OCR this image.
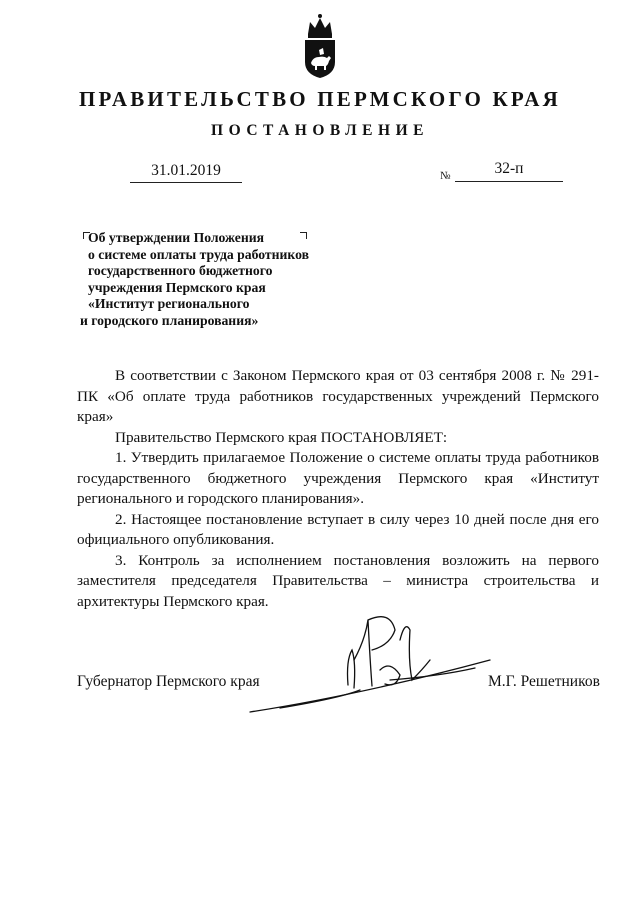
ПРАВИТЕЛЬСТВО ПЕРМСКОГО КРАЯ
ПОСТАНОВЛЕНИЕ
31.01.2019	№	32-п
Об утверждении Положения
о системе оплаты труда работников
государственного бюджетного
учреждения Пермского края
«Институт регионального
и городского планирования»

В соответствии с Законом Пермского края от 03 сентября 2008 г. № 291-ПК «Об оплате труда работников государственных учреждений Пермского края»

Правительство Пермского края ПОСТАНОВЛЯЕТ:

1. Утвердить прилагаемое Положение о системе оплаты труда работников государственного бюджетного учреждения Пермского края «Институт регионального и городского планирования».

2. Настоящее постановление вступает в силу через 10 дней после дня его официального опубликования.

3. Контроль за исполнением постановления возложить на первого заместителя председателя Правительства – министра строительства и архитектуры Пермского края.

Губернатор Пермского края	М.Г. Решетников
